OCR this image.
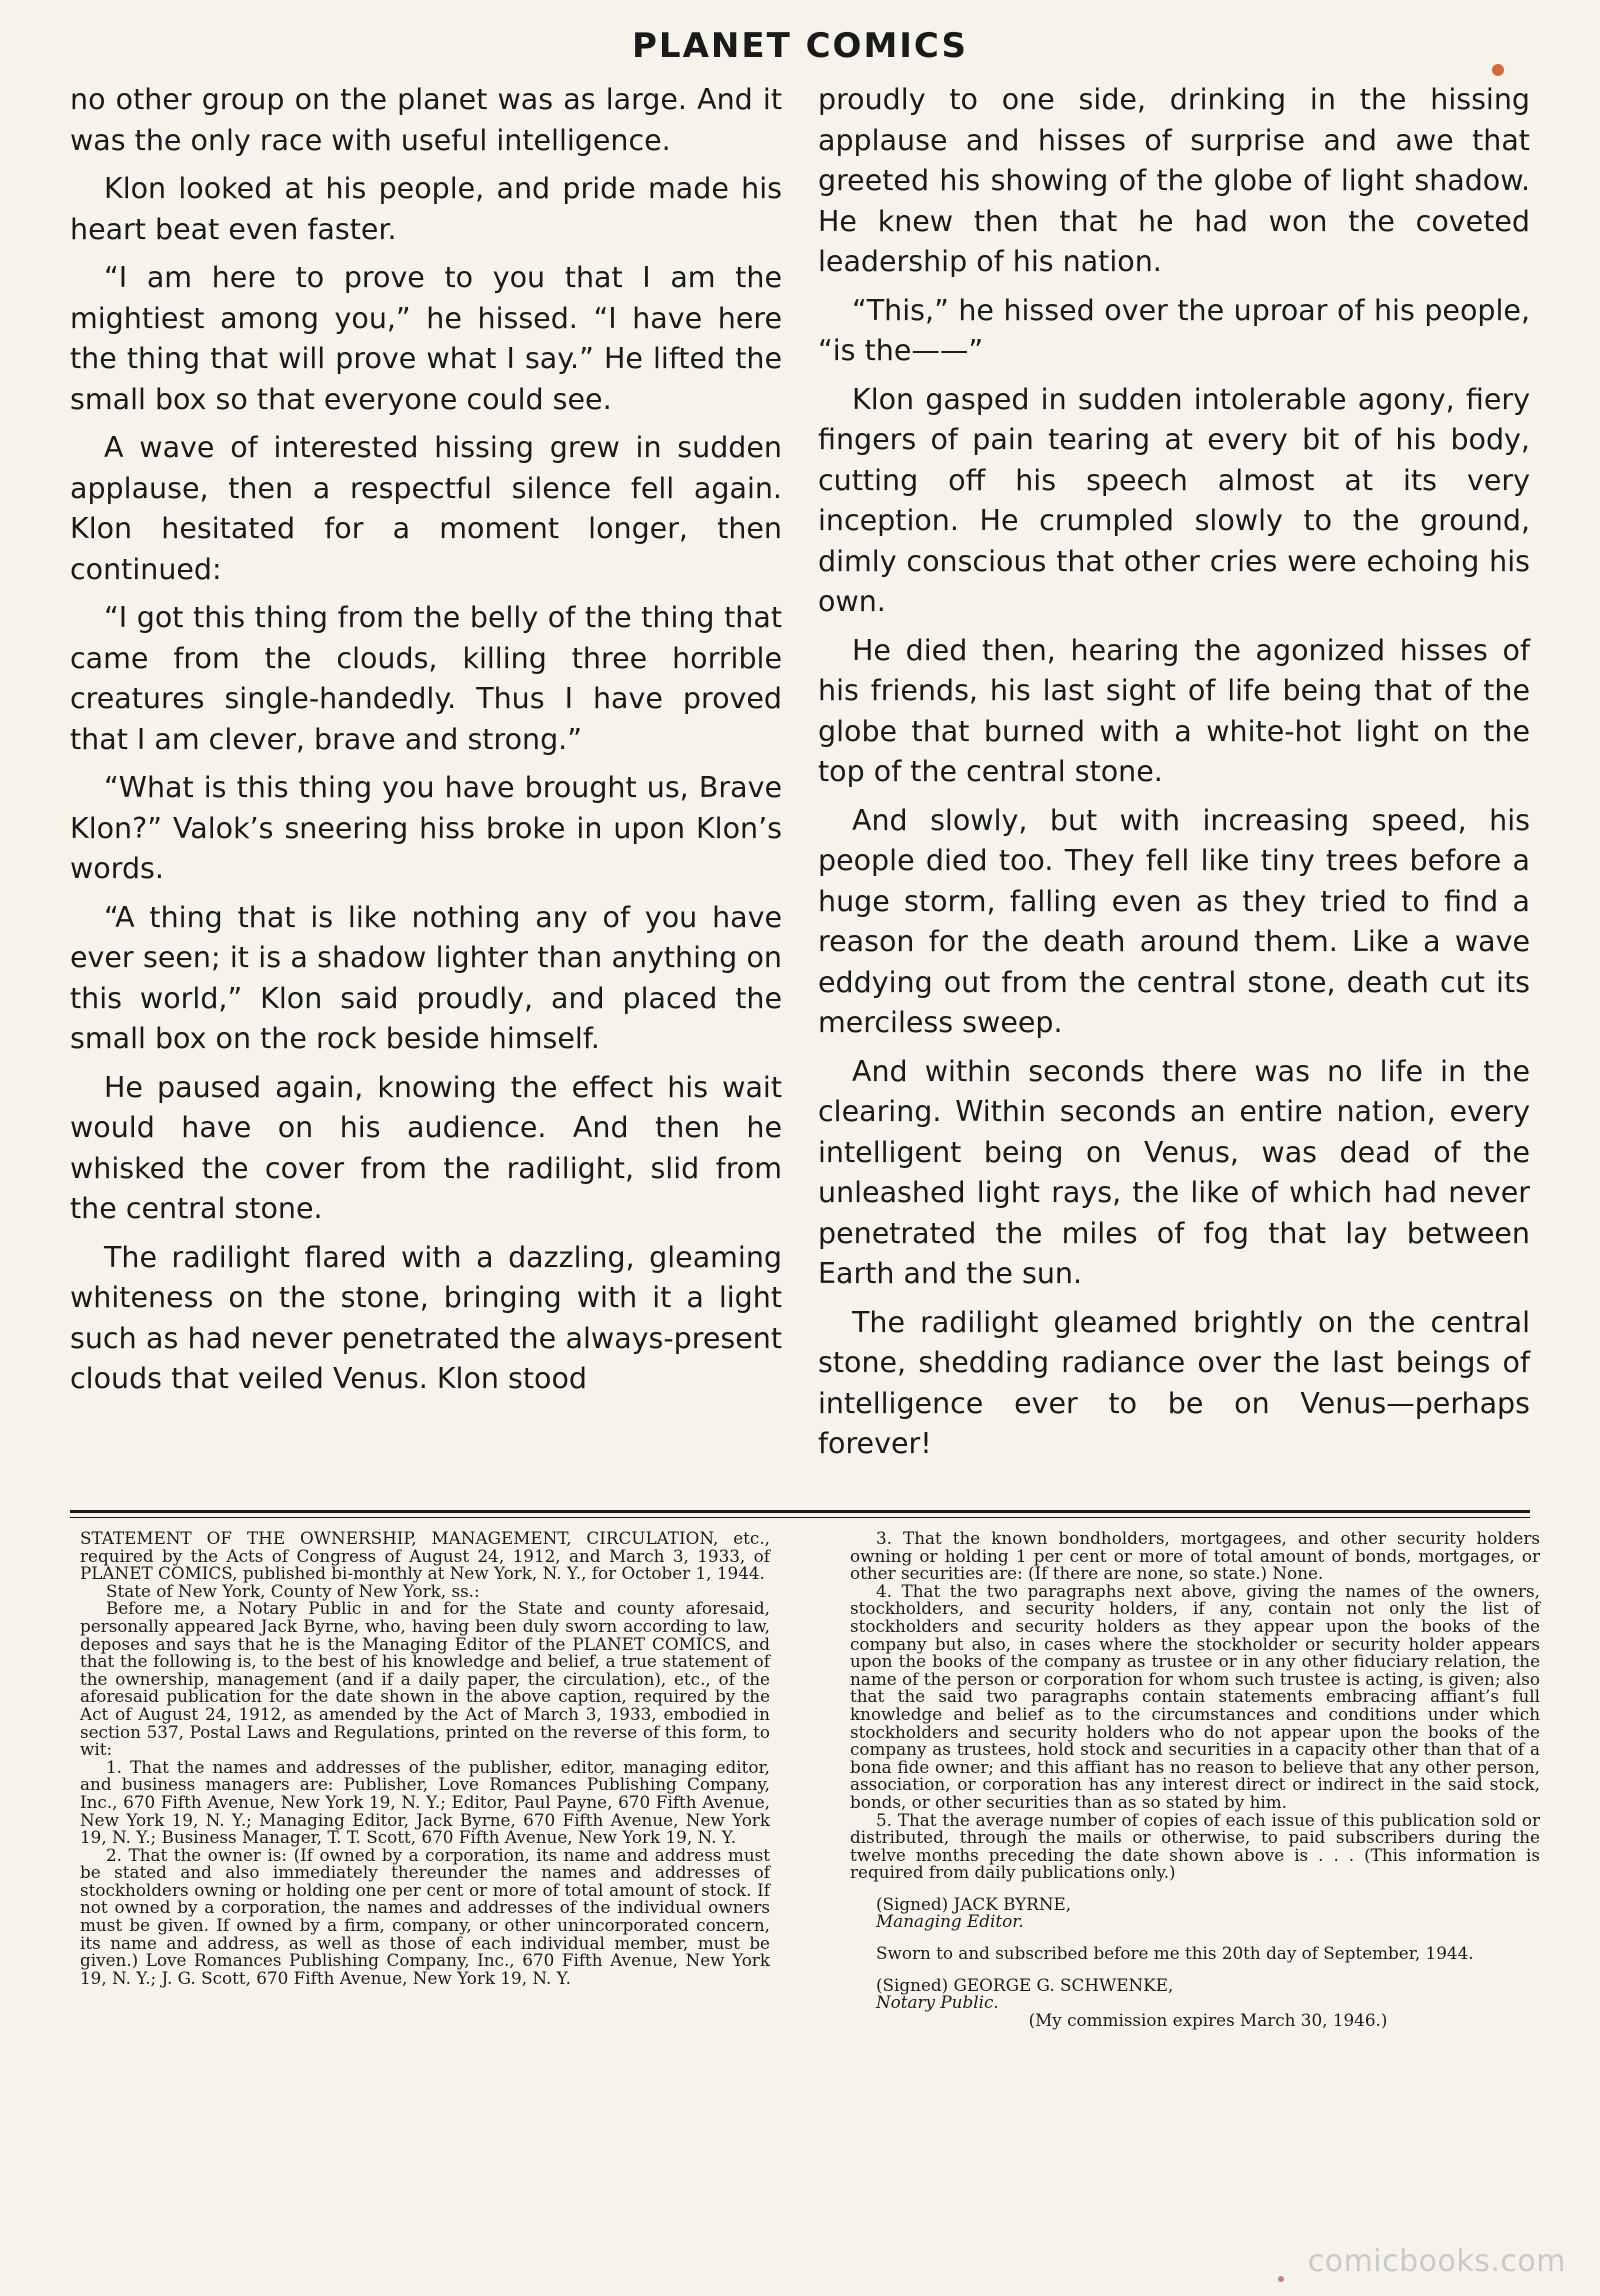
PLANET COMICS

no other group on the planet was as large. And it was the only race with useful intelligence.

Klon looked at his people, and pride made his heart beat even faster.

“I am here to prove to you that I am the mightiest among you,” he hissed. “I have here the thing that will prove what I say.” He lifted the small box so that everyone could see.

A wave of interested hissing grew in sudden applause, then a respectful silence fell again. Klon hesitated for a moment longer, then continued:

“I got this thing from the belly of the thing that came from the clouds, killing three horrible creatures single-handedly. Thus I have proved that I am clever, brave and strong.”

“What is this thing you have brought us, Brave Klon?” Valok’s sneering hiss broke in upon Klon’s words.

“A thing that is like nothing any of you have ever seen; it is a shadow lighter than anything on this world,” Klon said proudly, and placed the small box on the rock beside himself.

He paused again, knowing the effect his wait would have on his audience. And then he whisked the cover from the radilight, slid from the central stone.

The radilight flared with a dazzling, gleaming whiteness on the stone, bringing with it a light such as had never penetrated the always-present clouds that veiled Venus. Klon stood

proudly to one side, drinking in the hissing applause and hisses of surprise and awe that greeted his showing of the globe of light shadow. He knew then that he had won the coveted leadership of his nation.

“This,” he hissed over the uproar of his people, “is the——”

Klon gasped in sudden intolerable agony, fiery fingers of pain tearing at every bit of his body, cutting off his speech almost at its very inception. He crumpled slowly to the ground, dimly conscious that other cries were echoing his own.

He died then, hearing the agonized hisses of his friends, his last sight of life being that of the globe that burned with a white-hot light on the top of the central stone.

And slowly, but with increasing speed, his people died too. They fell like tiny trees before a huge storm, falling even as they tried to find a reason for the death around them. Like a wave eddying out from the central stone, death cut its merciless sweep.

And within seconds there was no life in the clearing. Within seconds an entire nation, every intelligent being on Venus, was dead of the unleashed light rays, the like of which had never penetrated the miles of fog that lay between Earth and the sun.

The radilight gleamed brightly on the central stone, shedding radiance over the last beings of intelligence ever to be on Venus—perhaps forever!

STATEMENT OF THE OWNERSHIP, MANAGEMENT, CIRCULATION, etc., required by the Acts of Congress of August 24, 1912, and March 3, 1933, of PLANET COMICS, published bi-monthly at New York, N. Y., for October 1, 1944.

State of New York, County of New York, ss.:

Before me, a Notary Public in and for the State and county aforesaid, personally appeared Jack Byrne, who, having been duly sworn according to law, deposes and says that he is the Managing Editor of the PLANET COMICS, and that the following is, to the best of his knowledge and belief, a true statement of the ownership, management (and if a daily paper, the circulation), etc., of the aforesaid publication for the date shown in the above caption, required by the Act of August 24, 1912, as amended by the Act of March 3, 1933, embodied in section 537, Postal Laws and Regulations, printed on the reverse of this form, to wit:

1. That the names and addresses of the publisher, editor, managing editor, and business managers are: Publisher, Love Romances Publishing Company, Inc., 670 Fifth Avenue, New York 19, N. Y.; Editor, Paul Payne, 670 Fifth Avenue, New York 19, N. Y.; Managing Editor, Jack Byrne, 670 Fifth Avenue, New York 19, N. Y.; Business Manager, T. T. Scott, 670 Fifth Avenue, New York 19, N. Y.

2. That the owner is: (If owned by a corporation, its name and address must be stated and also immediately thereunder the names and addresses of stockholders owning or holding one per cent or more of total amount of stock. If not owned by a corporation, the names and addresses of the individual owners must be given. If owned by a firm, company, or other unincorporated concern, its name and address, as well as those of each individual member, must be given.) Love Romances Publishing Company, Inc., 670 Fifth Avenue, New York 19, N. Y.; J. G. Scott, 670 Fifth Avenue, New York 19, N. Y.

3. That the known bondholders, mortgagees, and other security holders owning or holding 1 per cent or more of total amount of bonds, mortgages, or other securities are: (If there are none, so state.) None.

4. That the two paragraphs next above, giving the names of the owners, stockholders, and security holders, if any, contain not only the list of stockholders and security holders as they appear upon the books of the company but also, in cases where the stockholder or security holder appears upon the books of the company as trustee or in any other fiduciary relation, the name of the person or corporation for whom such trustee is acting, is given; also that the said two paragraphs contain statements embracing affiant’s full knowledge and belief as to the circumstances and conditions under which stockholders and security holders who do not appear upon the books of the company as trustees, hold stock and securities in a capacity other than that of a bona fide owner; and this affiant has no reason to believe that any other person, association, or corporation has any interest direct or indirect in the said stock, bonds, or other securities than as so stated by him.

5. That the average number of copies of each issue of this publication sold or distributed, through the mails or otherwise, to paid subscribers during the twelve months preceding the date shown above is . . . (This information is required from daily publications only.)

(Signed) JACK BYRNE,

Managing Editor.

Sworn to and subscribed before me this 20th day of September, 1944.

(Signed) GEORGE G. SCHWENKE,

Notary Public.

(My commission expires March 30, 1946.)

comicbooks.com
